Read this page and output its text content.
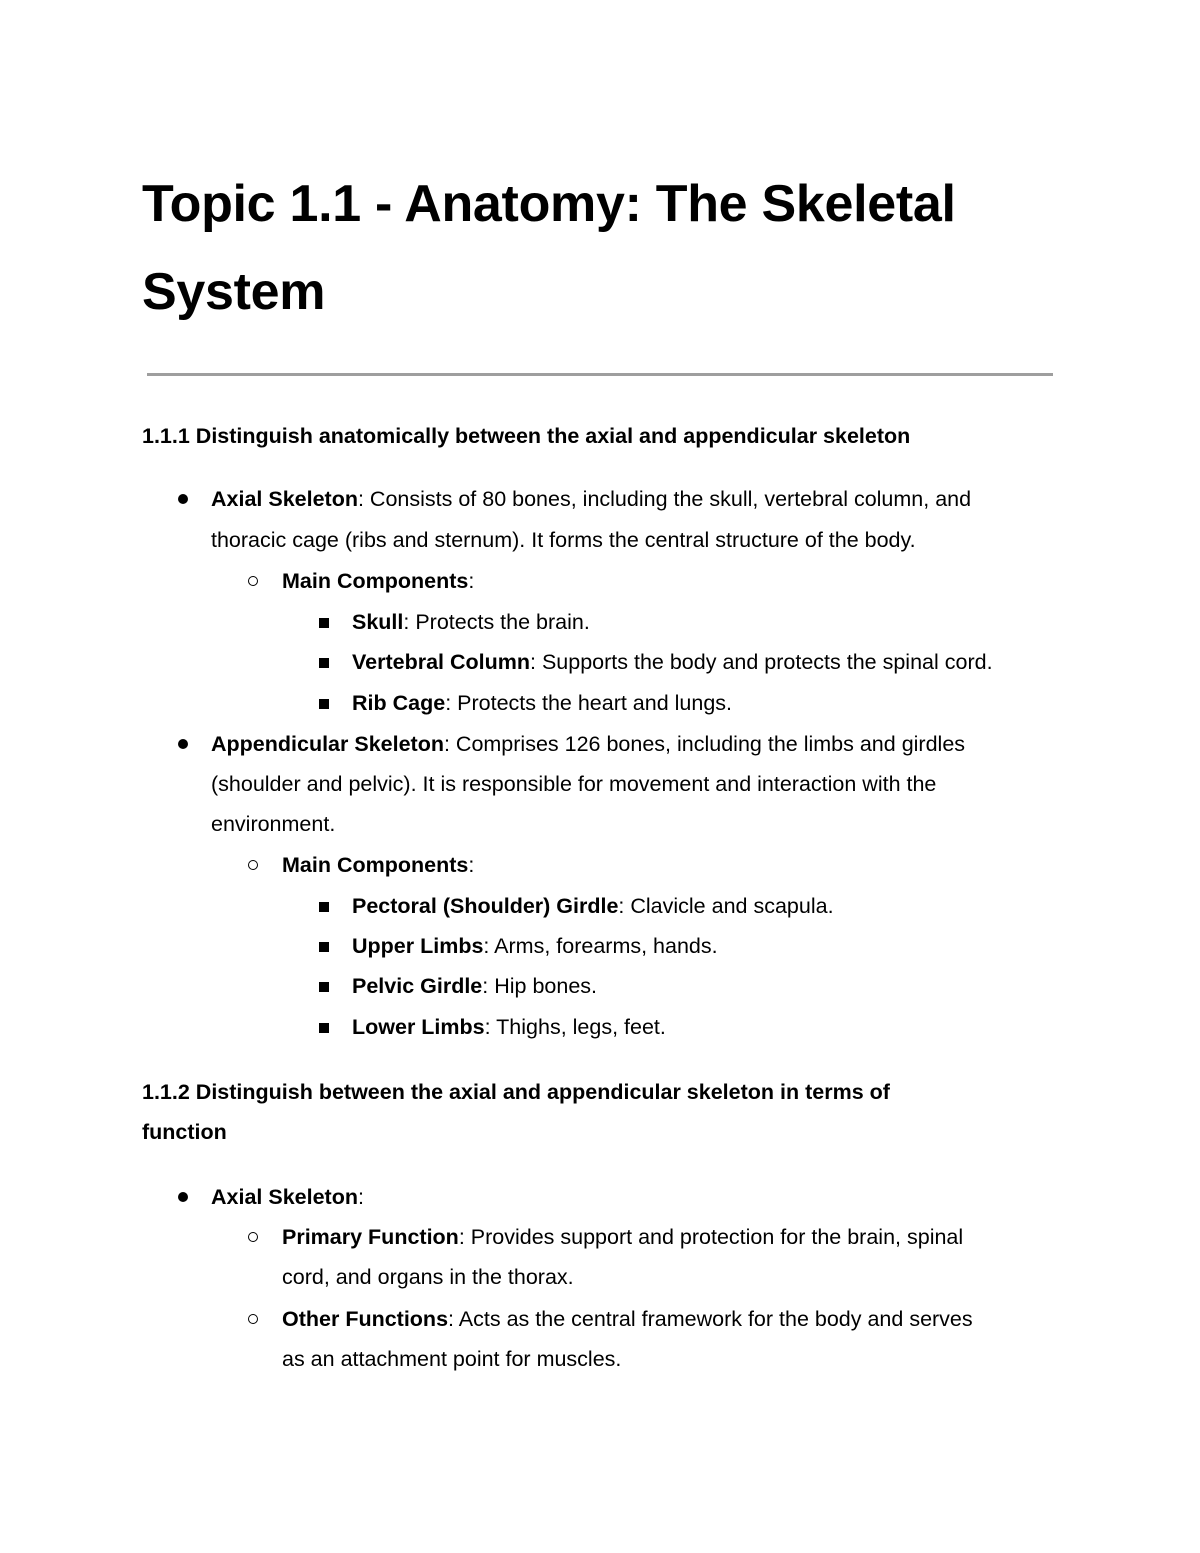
Topic 1.1 - Anatomy: The Skeletal
System
1.1.1 Distinguish anatomically between the axial and appendicular skeleton
Axial Skeleton: Consists of 80 bones, including the skull, vertebral column, and
thoracic cage (ribs and sternum). It forms the central structure of the body.
Main Components:
Skull: Protects the brain.
Vertebral Column: Supports the body and protects the spinal cord.
Rib Cage: Protects the heart and lungs.
Appendicular Skeleton: Comprises 126 bones, including the limbs and girdles
(shoulder and pelvic). It is responsible for movement and interaction with the
environment.
Main Components:
Pectoral (Shoulder) Girdle: Clavicle and scapula.
Upper Limbs: Arms, forearms, hands.
Pelvic Girdle: Hip bones.
Lower Limbs: Thighs, legs, feet.
1.1.2 Distinguish between the axial and appendicular skeleton in terms of
function
Axial Skeleton:
Primary Function: Provides support and protection for the brain, spinal
cord, and organs in the thorax.
Other Functions: Acts as the central framework for the body and serves
as an attachment point for muscles.
